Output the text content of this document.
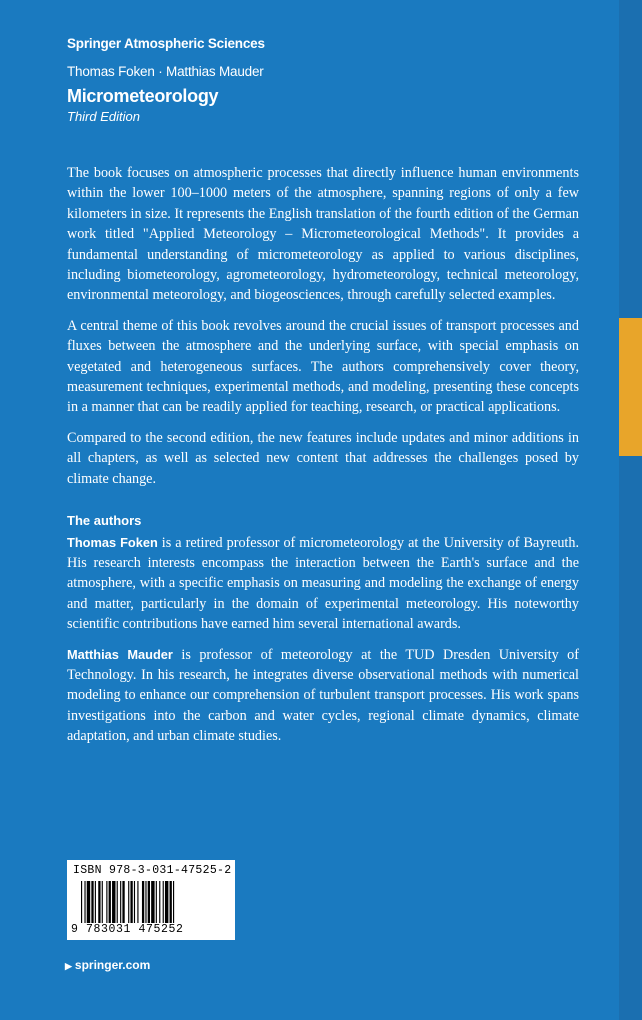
Springer Atmospheric Sciences
Thomas Foken · Matthias Mauder
Micrometeorology
Third Edition

The book focuses on atmospheric processes that directly influence human environments within the lower 100–1000 meters of the atmosphere, spanning regions of only a few kilometers in size. It represents the English translation of the fourth edition of the German work titled "Applied Meteorology – Micrometeorological Methods". It provides a fundamental understanding of micrometeorology as applied to various disciplines, including biometeorology, agrometeorology, hydrometeorology, technical meteorology, environmental meteorology, and biogeosciences, through carefully selected examples.

A central theme of this book revolves around the crucial issues of transport processes and fluxes between the atmosphere and the underlying surface, with special emphasis on vegetated and heterogeneous surfaces. The authors comprehensively cover theory, measurement techniques, experimental methods, and modeling, presenting these concepts in a manner that can be readily applied for teaching, research, or practical applications.

Compared to the second edition, the new features include updates and minor additions in all chapters, as well as selected new content that addresses the challenges posed by climate change.

The authors

Thomas Foken is a retired professor of micrometeorology at the University of Bayreuth. His research interests encompass the interaction between the Earth's surface and the atmosphere, with a specific emphasis on measuring and modeling the exchange of energy and matter, particularly in the domain of experimental meteorology. His noteworthy scientific contributions have earned him several international awards.

Matthias Mauder is professor of meteorology at the TUD Dresden University of Technology. In his research, he integrates diverse observational methods with numerical modeling to enhance our comprehension of turbulent transport processes. His work spans investigations into the carbon and water cycles, regional climate dynamics, climate adaptation, and urban climate studies.

ISBN 978-3-031-47525-2
9 783031 475252
▶ springer.com
